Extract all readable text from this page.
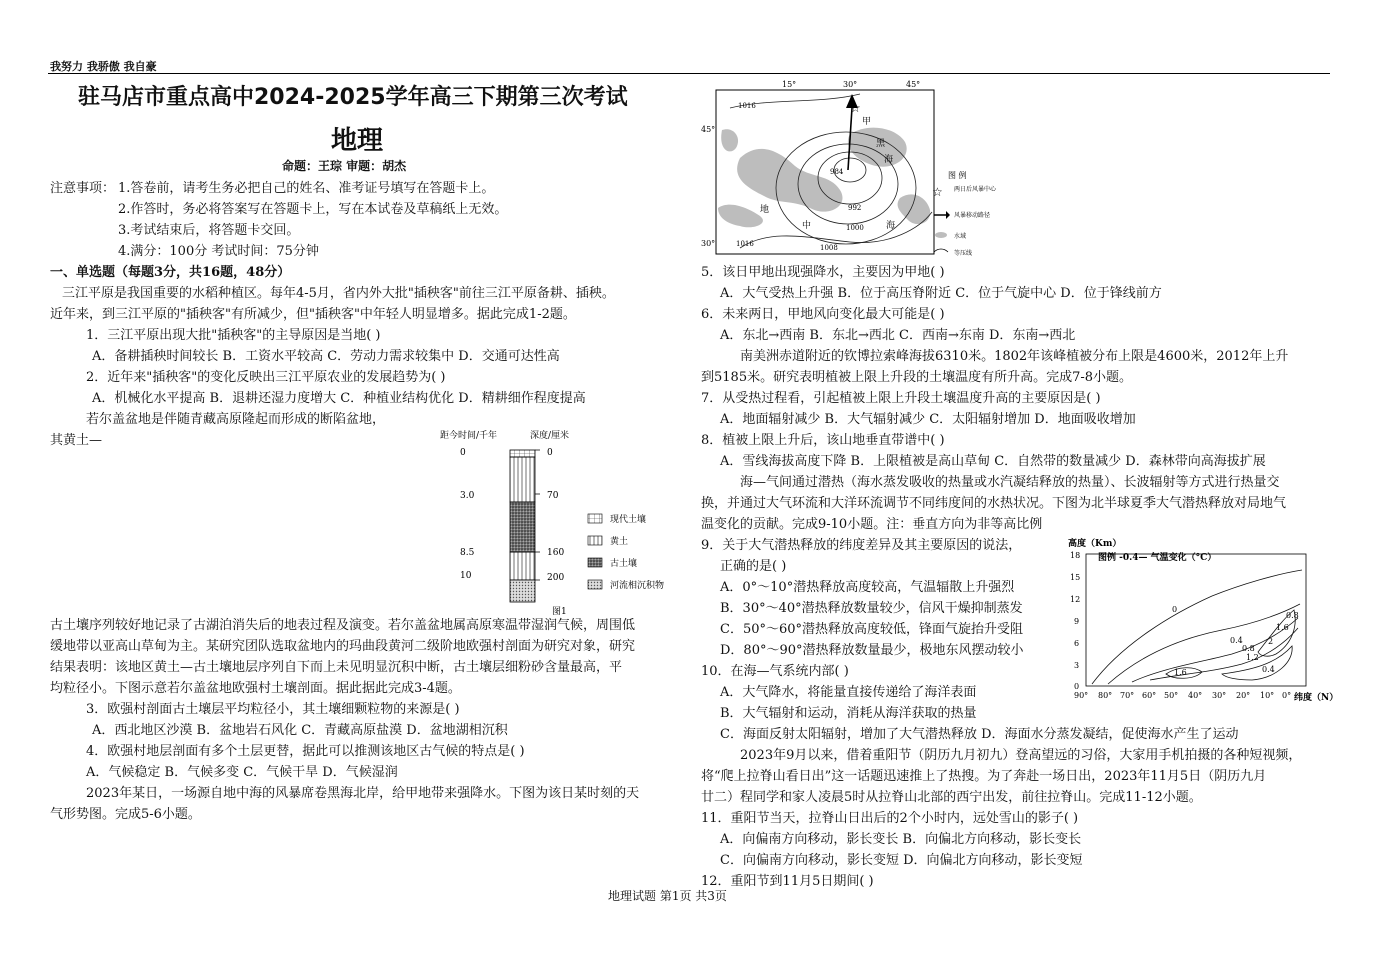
我努力 我骄傲 我自豪
驻马店市重点高中2024-2025学年高三下期第三次考试
地理
命题：王琮 审题：胡杰
注意事项： 1.答卷前，请考生务必把自己的姓名、准考证号填写在答题卡上。
2.作答时，务必将答案写在答题卡上，写在本试卷及草稿纸上无效。
3.考试结束后，将答题卡交回。
4.满分：100分 考试时间：75分钟
一、单选题（每题3分，共16题，48分）
三江平原是我国重要的水稻种植区。每年4-5月，省内外大批"插秧客"前往三江平原备耕、插秧。
近年来，到三江平原的"插秧客"有所减少，但"插秧客"中年轻人明显增多。据此完成1-2题。
1．三江平原出现大批"插秧客"的主导原因是当地( )
A．备耕插秧时间较长 B．工资水平较高 C．劳动力需求较集中 D．交通可达性高
2．近年来"插秧客"的变化反映出三江平原农业的发展趋势为( )
A．机械化水平提高 B．退耕还湿力度增大 C．种植业结构优化 D．精耕细作程度提高
若尔盖盆地是伴随青藏高原隆起而形成的断陷盆地，
其黄土—	距今时间/千年	深度/厘米
0
3.0
8.5
10
0
70
160
200
现代土壤
黄土
古土壤
河流相沉积物
图1
古土壤序列较好地记录了古湖泊消失后的地表过程及演变。若尔盖盆地属高原寒温带湿润气候，周围低
缓地带以亚高山草甸为主。某研究团队选取盆地内的玛曲段黄河二级阶地欧强村剖面为研究对象，研究
结果表明：该地区黄土—古土壤地层序列自下而上未见明显沉积中断，古土壤层细粉砂含量最高，平
均粒径小。下图示意若尔盖盆地欧强村土壤剖面。据此据此完成3-4题。
3．欧强村剖面古土壤层平均粒径小，其土壤细颗粒物的来源是( )
A．西北地区沙漠 B．盆地岩石风化 C．青藏高原盐漠 D．盆地湖相沉积
4．欧强村地层剖面有多个土层更替，据此可以推测该地区古气候的特点是( )
A．气候稳定 B．气候多变 C．气候干旱 D．气候湿润
2023年某日，一场源自地中海的风暴席卷黑海北岸，给甲地带来强降水。下图为该日某时刻的天
气形势图。完成5-6小题。
15°	30°	45°
45°
30°
984
992
1000
1008
1016
1016
☆
甲
黑
海
地
中	海
图 例
☆ 两日后风暴中心
风暴移动路径
水域
等压线
5．该日甲地出现强降水，主要因为甲地( )
A．大气受热上升强 B．位于高压脊附近 C．位于气旋中心 D．位于锋线前方
6．未来两日，甲地风向变化最大可能是( )
A．东北→西南 B．东北→西北 C．西南→东南 D．东南→西北
南美洲赤道附近的钦博拉索峰海拔6310米。1802年该峰植被分布上限是4600米，2012年上升
到5185米。研究表明植被上限上升段的土壤温度有所升高。完成7-8小题。
7．从受热过程看，引起植被上限上升段土壤温度升高的主要原因是( )
A．地面辐射减少 B．大气辐射减少 C．太阳辐射增加 D．地面吸收增加
8．植被上限上升后，该山地垂直带谱中( )
A．雪线海拔高度下降 B．上限植被是高山草甸 C．自然带的数量减少 D．森林带向高海拔扩展
海—气间通过潜热（海水蒸发吸收的热量或水汽凝结释放的热量）、长波辐射等方式进行热量交
换，并通过大气环流和大洋环流调节不同纬度间的水热状况。下图为北半球夏季大气潜热释放对局地气
温变化的贡献。完成9-10小题。注：垂直方向为非等高比例
9．关于大气潜热释放的纬度差异及其主要原因的说法，
正确的是( )
A．0°～10°潜热释放高度较高，气温辐散上升强烈
B．30°～40°潜热释放数量较少，信风干燥抑制蒸发
C．50°～60°潜热释放高度较低，锋面气旋抬升受阻
D．80°～90°潜热释放数量最少，极地东风摆动较小
10．在海—气系统内部( )
A．大气降水，将能量直接传递给了海洋表面
B．大气辐射和运动，消耗从海洋获取的热量
C．海面反射太阳辐射，增加了大气潜热释放 D．海面水分蒸发凝结，促使海水产生了运动
2023年9月以来，借着重阳节（阴历九月初九）登高望远的习俗，大家用手机拍摄的各种短视频，
将“爬上拉脊山看日出”这一话题迅速推上了热搜。为了奔赴一场日出，2023年11月5日（阴历九月
廿二）程同学和家人凌晨5时从拉脊山北部的西宁出发，前往拉脊山。完成11-12小题。
11．重阳节当天，拉脊山日出后的2个小时内，远处雪山的影子( )
A．向偏南方向移动，影长变长 B．向偏北方向移动，影长变长
C．向偏南方向移动，影长变短 D．向偏北方向移动，影长变短
12．重阳节到11月5日期间( )
高度（Km）
图例 -0.4— 气温变化（°C）
18
15
12
9
6
3
0
90° 80° 70° 60° 50° 40° 30° 20° 10° 0° 纬度（N）
0
0.4
0.8
1.2
1.6	0.4
0.8
1.6
2
地理试题 第1页 共3页
